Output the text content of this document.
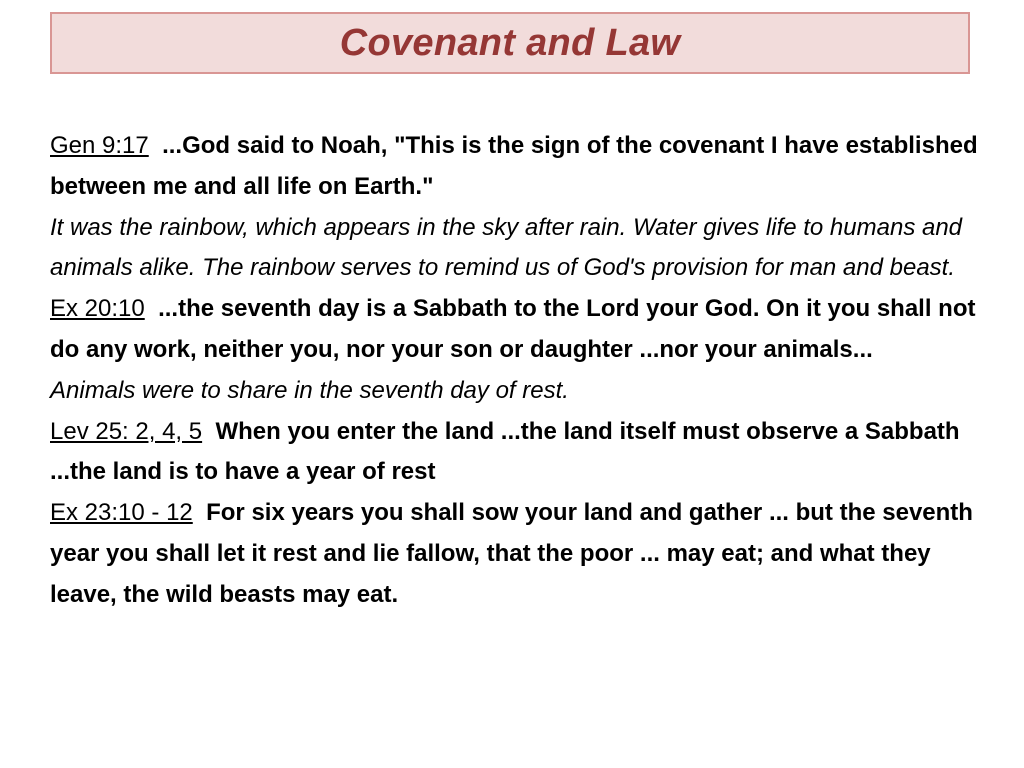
Covenant and Law

Gen 9:17 ...God said to Noah, "This is the sign of the covenant I have established between me and all life on Earth."

It was the rainbow, which appears in the sky after rain. Water gives life to humans and animals alike. The rainbow serves to remind us of God's provision for man and beast.

Ex 20:10 ...the seventh day is a Sabbath to the Lord your God. On it you shall not do any work, neither you, nor your son or daughter ...nor your animals...

Animals were to share in the seventh day of rest.

Lev 25: 2, 4, 5 When you enter the land ...the land itself must observe a Sabbath ...the land is to have a year of rest

Ex 23:10 - 12 For six years you shall sow your land and gather ... but the seventh year you shall let it rest and lie fallow, that the poor ... may eat; and what they leave, the wild beasts may eat.
